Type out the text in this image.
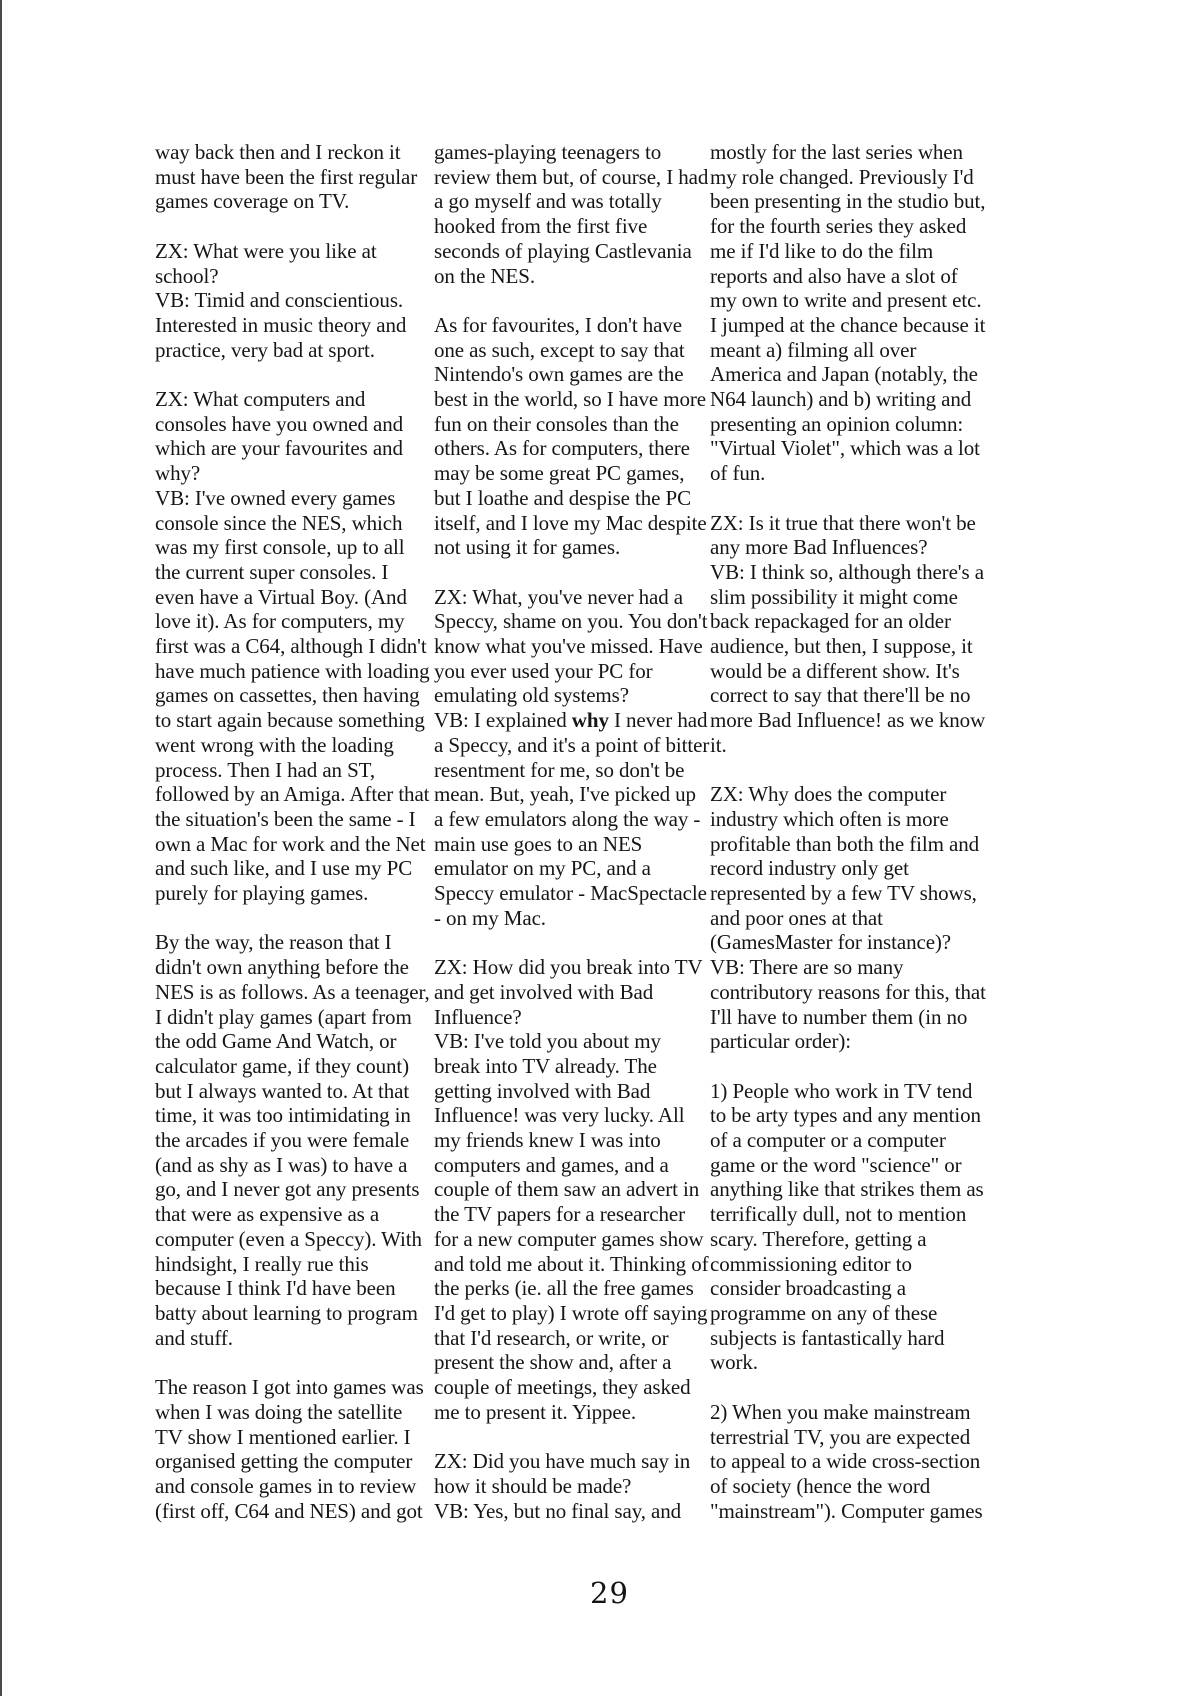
way back then and I reckon it must have been the first regular games coverage on TV.

ZX: What were you like at school?
VB: Timid and conscientious. Interested in music theory and practice, very bad at sport.

ZX: What computers and consoles have you owned and which are your favourites and why?
VB: I've owned every games console since the NES, which was my first console, up to all the current super consoles. I even have a Virtual Boy. (And love it). As for computers, my first was a C64, although I didn't have much patience with loading games on cassettes, then having to start again because something went wrong with the loading process. Then I had an ST, followed by an Amiga. After that the situation's been the same - I own a Mac for work and the Net and such like, and I use my PC purely for playing games.

By the way, the reason that I didn't own anything before the NES is as follows. As a teenager, I didn't play games (apart from the odd Game And Watch, or calculator game, if they count) but I always wanted to. At that time, it was too intimidating in the arcades if you were female (and as shy as I was) to have a go, and I never got any presents that were as expensive as a computer (even a Speccy). With hindsight, I really rue this because I think I'd have been batty about learning to program and stuff.

The reason I got into games was when I was doing the satellite TV show I mentioned earlier. I organised getting the computer and console games in to review (first off, C64 and NES) and got

games-playing teenagers to review them but, of course, I had a go myself and was totally hooked from the first five seconds of playing Castlevania on the NES.

As for favourites, I don't have one as such, except to say that Nintendo's own games are the best in the world, so I have more fun on their consoles than the others. As for computers, there may be some great PC games, but I loathe and despise the PC itself, and I love my Mac despite not using it for games.

ZX: What, you've never had a Speccy, shame on you. You don't know what you've missed. Have you ever used your PC for emulating old systems?
VB: I explained why I never had a Speccy, and it's a point of bitter resentment for me, so don't be mean. But, yeah, I've picked up a few emulators along the way - main use goes to an NES emulator on my PC, and a Speccy emulator - MacSpectacle - on my Mac.

ZX: How did you break into TV and get involved with Bad Influence?
VB: I've told you about my break into TV already. The getting involved with Bad Influence! was very lucky. All my friends knew I was into computers and games, and a couple of them saw an advert in the TV papers for a researcher for a new computer games show and told me about it. Thinking of the perks (ie. all the free games I'd get to play) I wrote off saying that I'd research, or write, or present the show and, after a couple of meetings, they asked me to present it. Yippee.

ZX: Did you have much say in how it should be made?
VB: Yes, but no final say, and

mostly for the last series when my role changed. Previously I'd been presenting in the studio but, for the fourth series they asked me if I'd like to do the film reports and also have a slot of my own to write and present etc. I jumped at the chance because it meant a) filming all over America and Japan (notably, the N64 launch) and b) writing and presenting an opinion column: "Virtual Violet", which was a lot of fun.

ZX: Is it true that there won't be any more Bad Influences?
VB: I think so, although there's a slim possibility it might come back repackaged for an older audience, but then, I suppose, it would be a different show. It's correct to say that there'll be no more Bad Influence! as we know it.

ZX: Why does the computer industry which often is more profitable than both the film and record industry only get represented by a few TV shows, and poor ones at that (GamesMaster for instance)?
VB: There are so many contributory reasons for this, that I'll have to number them (in no particular order):

1) People who work in TV tend to be arty types and any mention of a computer or a computer game or the word "science" or anything like that strikes them as terrifically dull, not to mention scary. Therefore, getting a commissioning editor to consider broadcasting a programme on any of these subjects is fantastically hard work.

2) When you make mainstream terrestrial TV, you are expected to appeal to a wide cross-section of society (hence the word "mainstream"). Computer games

29
